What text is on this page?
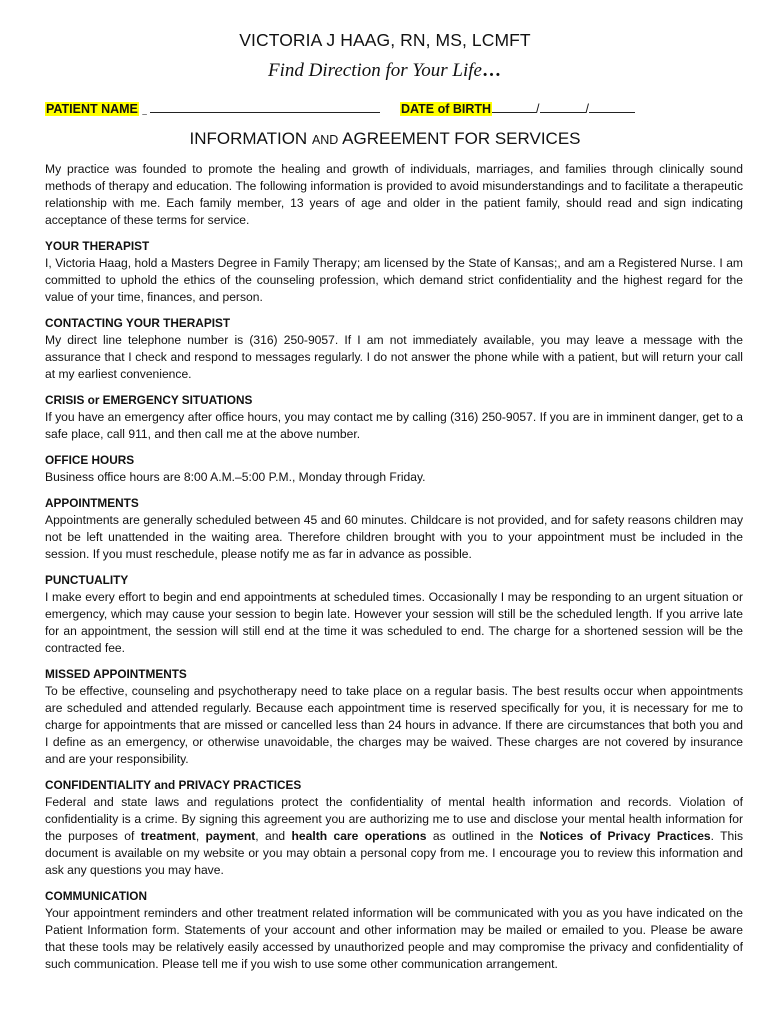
VICTORIA J HAAG, RN, MS, LCMFT
Find Direction for Your Life…
PATIENT NAME _	DATE of BIRTH	/	/
INFORMATION AND AGREEMENT FOR SERVICES

My practice was founded to promote the healing and growth of individuals, marriages, and families through clinically sound methods of therapy and education. The following information is provided to avoid misunderstandings and to facilitate a therapeutic relationship with me. Each family member, 13 years of age and older in the patient family, should read and sign indicating acceptance of these terms for service.

YOUR THERAPIST

I, Victoria Haag, hold a Masters Degree in Family Therapy; am licensed by the State of Kansas;, and am a Registered Nurse. I am committed to uphold the ethics of the counseling profession, which demand strict confidentiality and the highest regard for the value of your time, finances, and person.

CONTACTING YOUR THERAPIST

My direct line telephone number is (316) 250-9057. If I am not immediately available, you may leave a message with the assurance that I check and respond to messages regularly. I do not answer the phone while with a patient, but will return your call at my earliest convenience.

CRISIS or EMERGENCY SITUATIONS

If you have an emergency after office hours, you may contact me by calling (316) 250-9057. If you are in imminent danger, get to a safe place, call 911, and then call me at the above number.

OFFICE HOURS

Business office hours are 8:00 A.M.–5:00 P.M., Monday through Friday.

APPOINTMENTS

Appointments are generally scheduled between 45 and 60 minutes. Childcare is not provided, and for safety reasons children may not be left unattended in the waiting area. Therefore children brought with you to your appointment must be included in the session. If you must reschedule, please notify me as far in advance as possible.

PUNCTUALITY

I make every effort to begin and end appointments at scheduled times. Occasionally I may be responding to an urgent situation or emergency, which may cause your session to begin late. However your session will still be the scheduled length. If you arrive late for an appointment, the session will still end at the time it was scheduled to end. The charge for a shortened session will be the contracted fee.

MISSED APPOINTMENTS

To be effective, counseling and psychotherapy need to take place on a regular basis. The best results occur when appointments are scheduled and attended regularly. Because each appointment time is reserved specifically for you, it is necessary for me to charge for appointments that are missed or cancelled less than 24 hours in advance. If there are circumstances that both you and I define as an emergency, or otherwise unavoidable, the charges may be waived. These charges are not covered by insurance and are your responsibility.

CONFIDENTIALITY and PRIVACY PRACTICES

Federal and state laws and regulations protect the confidentiality of mental health information and records. Violation of confidentiality is a crime. By signing this agreement you are authorizing me to use and disclose your mental health information for the purposes of treatment, payment, and health care operations as outlined in the Notices of Privacy Practices. This document is available on my website or you may obtain a personal copy from me. I encourage you to review this information and ask any questions you may have.

COMMUNICATION

Your appointment reminders and other treatment related information will be communicated with you as you have indicated on the Patient Information form. Statements of your account and other information may be mailed or emailed to you. Please be aware that these tools may be relatively easily accessed by unauthorized people and may compromise the privacy and confidentiality of such communication. Please tell me if you wish to use some other communication arrangement.
